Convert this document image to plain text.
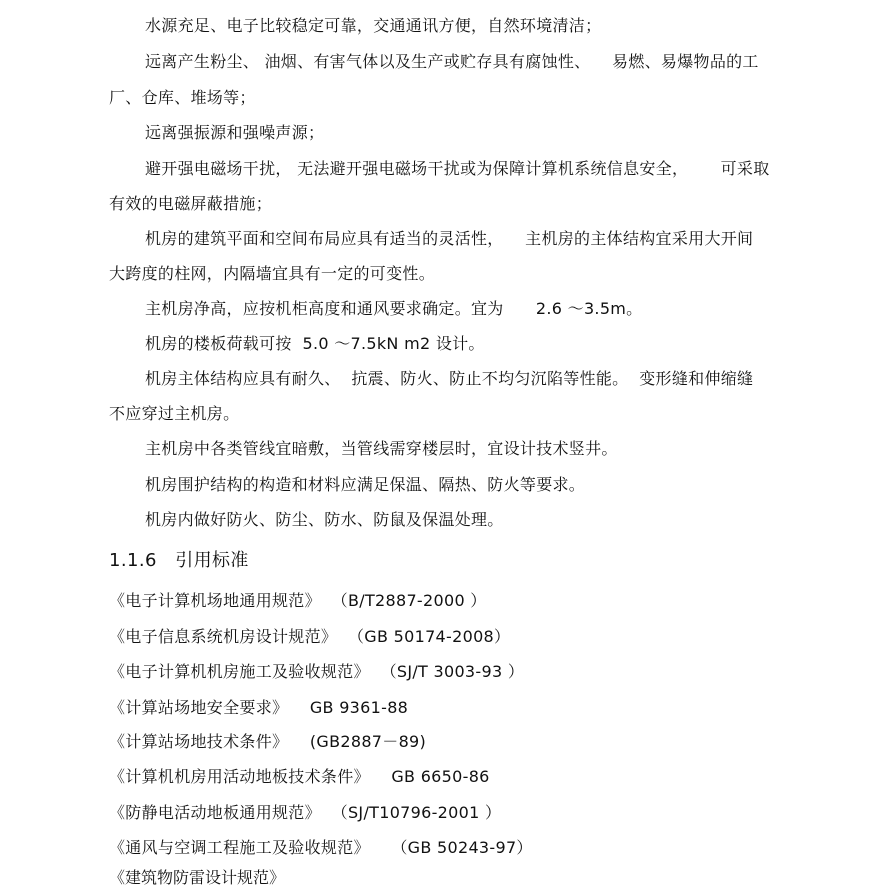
水源充足、电子比较稳定可靠，交通通讯方便，自然环境清洁；
远离产生粉尘、 油烟、有害气体以及生产或贮存具有腐蚀性、    易燃、易爆物品的工
厂、仓库、堆场等；
远离强振源和强噪声源；
避开强电磁场干扰， 无法避开强电磁场干扰或为保障计算机系统信息安全，      可采取
有效的电磁屏蔽措施；
机房的建筑平面和空间布局应具有适当的灵活性，    主机房的主体结构宜采用大开间
大跨度的柱网，内隔墙宜具有一定的可变性。
主机房净高，应按机柜高度和通风要求确定。宜为      2.6 ～3.5m。
机房的楼板荷载可按  5.0 ～7.5kN m2 设计。
机房主体结构应具有耐久、  抗震、防火、防止不均匀沉陷等性能。  变形缝和伸缩缝
不应穿过主机房。
主机房中各类管线宜暗敷，当管线需穿楼层时，宜设计技术竖井。
机房围护结构的构造和材料应满足保温、隔热、防火等要求。
机房内做好防火、防尘、防水、防鼠及保温处理。
1.1.6 引用标准
《电子计算机场地通用规范》  （B/T2887-2000 ）
《电子信息系统机房设计规范》  （GB 50174-2008）
《电子计算机机房施工及验收规范》  （SJ/T 3003-93 ）
《计算站场地安全要求》    GB 9361-88
《计算站场地技术条件》    (GB2887－89)
《计算机机房用活动地板技术条件》    GB 6650-86
《防静电活动地板通用规范》  （SJ/T10796-2001 ）
《通风与空调工程施工及验收规范》    （GB 50243-97）
《建筑物防雷设计规范》
